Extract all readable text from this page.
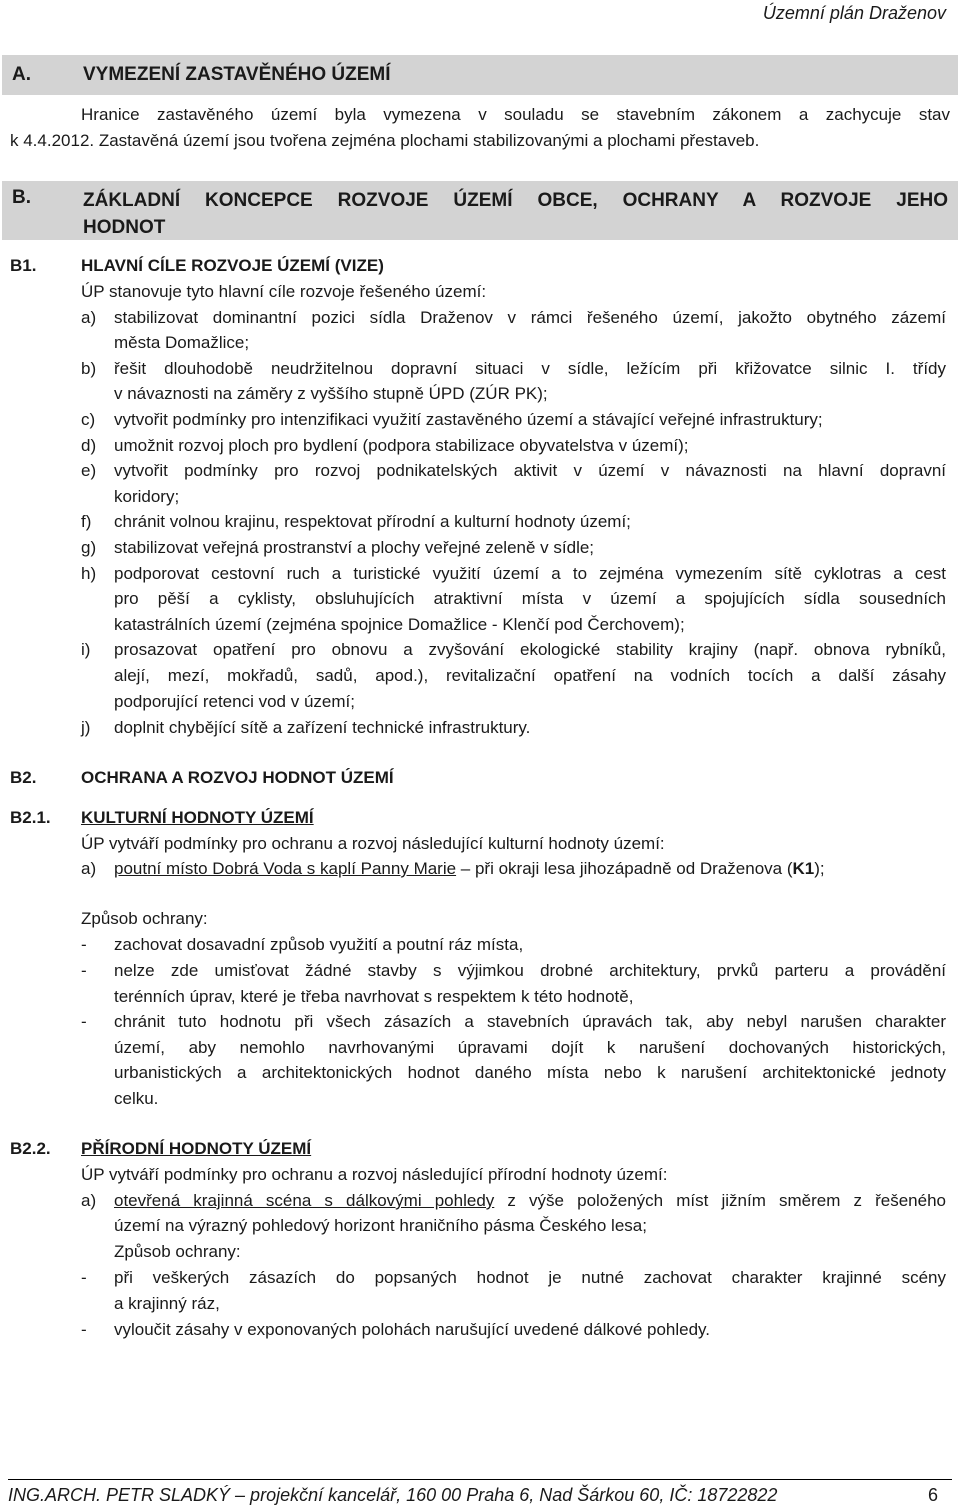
Územní plán Draženov
A.	VYMEZENÍ ZASTAVĚNÉHO ÚZEMÍ
Hranice zastavěného území byla vymezena v souladu se stavebním zákonem a zachycuje stav
k 4.4.2012. Zastavěná území jsou tvořena zejména plochami stabilizovanými a plochami přestaveb.
B.	ZÁKLADNÍ KONCEPCE ROZVOJE ÚZEMÍ OBCE, OCHRANY A ROZVOJE JEHO
HODNOT
B1.	HLAVNÍ CÍLE ROZVOJE ÚZEMÍ (VIZE)
ÚP stanovuje tyto hlavní cíle rozvoje řešeného území:
a) stabilizovat dominantní pozici sídla Draženov v rámci řešeného území, jakožto obytného zázemí
města Domažlice;
b) řešit dlouhodobě neudržitelnou dopravní situaci v sídle, ležícím při křižovatce silnic I. třídy
v návaznosti na záměry z vyššího stupně ÚPD (ZÚR PK);
c) vytvořit podmínky pro intenzifikaci využití zastavěného území a stávající veřejné infrastruktury;
d) umožnit rozvoj ploch pro bydlení (podpora stabilizace obyvatelstva v území);
e) vytvořit podmínky pro rozvoj podnikatelských aktivit v území v návaznosti na hlavní dopravní
koridory;
f) chránit volnou krajinu, respektovat přírodní a kulturní hodnoty území;
g) stabilizovat veřejná prostranství a plochy veřejné zeleně v sídle;
h) podporovat cestovní ruch a turistické využití území a to zejména vymezením sítě cyklotras a cest
pro pěší a cyklisty, obsluhujících atraktivní místa v území a spojujících sídla sousedních
katastrálních území (zejména spojnice Domažlice - Klenčí pod Čerchovem);
i) prosazovat opatření pro obnovu a zvyšování ekologické stability krajiny (např. obnova rybníků,
alejí, mezí, mokřadů, sadů, apod.), revitalizační opatření na vodních tocích a další zásahy
podporující retenci vod v území;
j) doplnit chybějící sítě a zařízení technické infrastruktury.
B2.	OCHRANA A ROZVOJ HODNOT ÚZEMÍ
B2.1. KULTURNÍ HODNOTY ÚZEMÍ
ÚP vytváří podmínky pro ochranu a rozvoj následující kulturní hodnoty území:
a) poutní místo Dobrá Voda s kaplí Panny Marie – při okraji lesa jihozápadně od Draženova (K1);
Způsob ochrany:
- zachovat dosavadní způsob využití a poutní ráz místa,
- nelze zde umisťovat žádné stavby s výjimkou drobné architektury, prvků parteru a provádění
terénních úprav, které je třeba navrhovat s respektem k této hodnotě,
- chránit tuto hodnotu při všech zásazích a stavebních úpravách tak, aby nebyl narušen charakter
území, aby nemohlo navrhovanými úpravami dojít k narušení dochovaných historických,
urbanistických a architektonických hodnot daného místa nebo k narušení architektonické jednoty
celku.
B2.2. PŘÍRODNÍ HODNOTY ÚZEMÍ
ÚP vytváří podmínky pro ochranu a rozvoj následující přírodní hodnoty území:
a) otevřená krajinná scéna s dálkovými pohledy z výše položených míst jižním směrem z řešeného
území na výrazný pohledový horizont hraničního pásma Českého lesa;
Způsob ochrany:
- při veškerých zásazích do popsaných hodnot je nutné zachovat charakter krajinné scény
a krajinný ráz,
- vyloučit zásahy v exponovaných polohách narušující uvedené dálkové pohledy.
ING.ARCH. PETR SLADKÝ – projekční kancelář, 160 00 Praha 6, Nad Šárkou 60, IČ: 18722822	6
